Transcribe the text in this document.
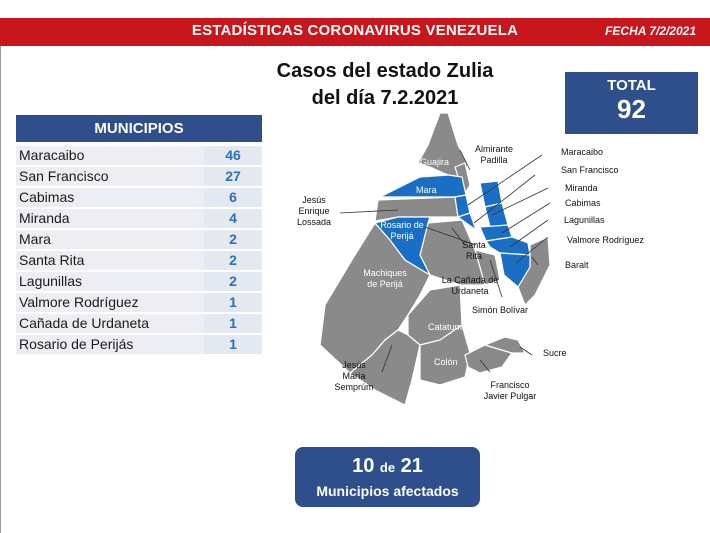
ESTADÍSTICAS CORONAVIRUS VENEZUELA	FECHA 7/2/2021
Casos del estado Zulia
del día 7.2.2021
TOTAL
92
MUNICIPIOS
Maracaibo	46
San Francisco	27
Cabimas	6
Miranda	4
Mara	2
Santa Rita	2
Lagunillas	2
Valmore Rodríguez	1
Cañada de Urdaneta	1
Rosario de Perijás	1
Guajira
Almirante Padilla
Mara
Jesús Enrique Lossada	Rosario de Perijá
Santa Rita
La Cañada de Urdaneta
Machiques de Perijá
Simón Bolívar
Catatumbo
Colón
Jesús María Semprúm	Francisco Javier Pulgar
Sucre
Maracaibo
San Francisco
Miranda
Cabimas
Lagunillas
Valmore Rodríguez
Baralt
10 de 21
Municipios afectados
